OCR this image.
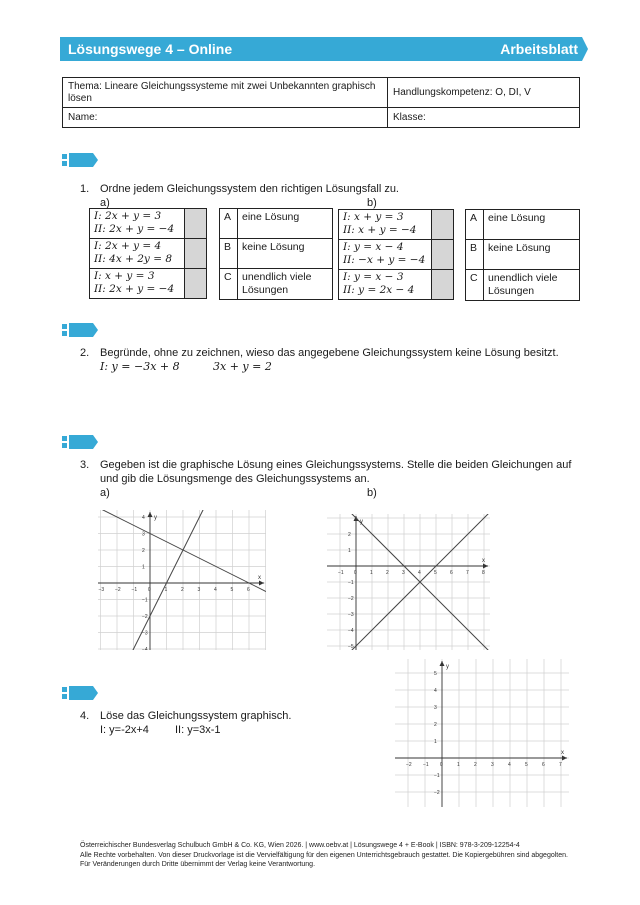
Lösungswege 4 – Online	Arbeitsblatt
Thema: Lineare Gleichungssysteme mit zwei Unbekannten graphisch lösen	Handlungskompetenz: O, DI, V
Name:	Klasse:
1. Ordne jedem Gleichungssystem den richtigen Lösungsfall zu.
a)	b)
I: 2x + y = 3
II: 2x + y = −4	
I: 2x + y = 4
II: 4x + 2y = 8	
I: x + y = 3
II: 2x + y = −4	
A	eine Lösung
B	keine Lösung
C	unendlich viele Lösungen
I: x + y = 3
II: x + y = −4	
I: y = x − 4
II: −x + y = −4	
I: y = x − 3
II: y = 2x − 4	
A	eine Lösung
B	keine Lösung
C	unendlich viele Lösungen
2. Begründe, ohne zu zeichnen, wieso das angegebene Gleichungssystem keine Lösung besitzt.
I: y = −3x + 8	3x + y = 2
3. Gegeben ist die graphische Lösung eines Gleichungssystems. Stelle die beiden Gleichungen auf und gib die Lösungsmenge des Gleichungssystems an.
a)	b)
x
y
−3 −2 −1 0	1	2	3	4	5	6
4
3
2
1
−1
−2
−3
−4
x
y
−1 0	1	2	3	4	5	6	7	8
2
1
−1
−2
−3
−4
−5
x
y
−2 −1 0	1	2	3	4	5	6	7
5
4
3
2
1
−1
−2
4. Löse das Gleichungssystem graphisch.
I: y=-2x+4 II: y=3x-1
Österreichischer Bundesverlag Schulbuch GmbH & Co. KG, Wien 2026. | www.oebv.at | Lösungswege 4 + E-Book | ISBN: 978-3-209-12254-4
Alle Rechte vorbehalten. Von dieser Druckvorlage ist die Vervielfältigung für den eigenen Unterrichtsgebrauch gestattet. Die Kopiergebühren sind abgegolten. Für Veränderungen durch Dritte übernimmt der Verlag keine Verantwortung.
